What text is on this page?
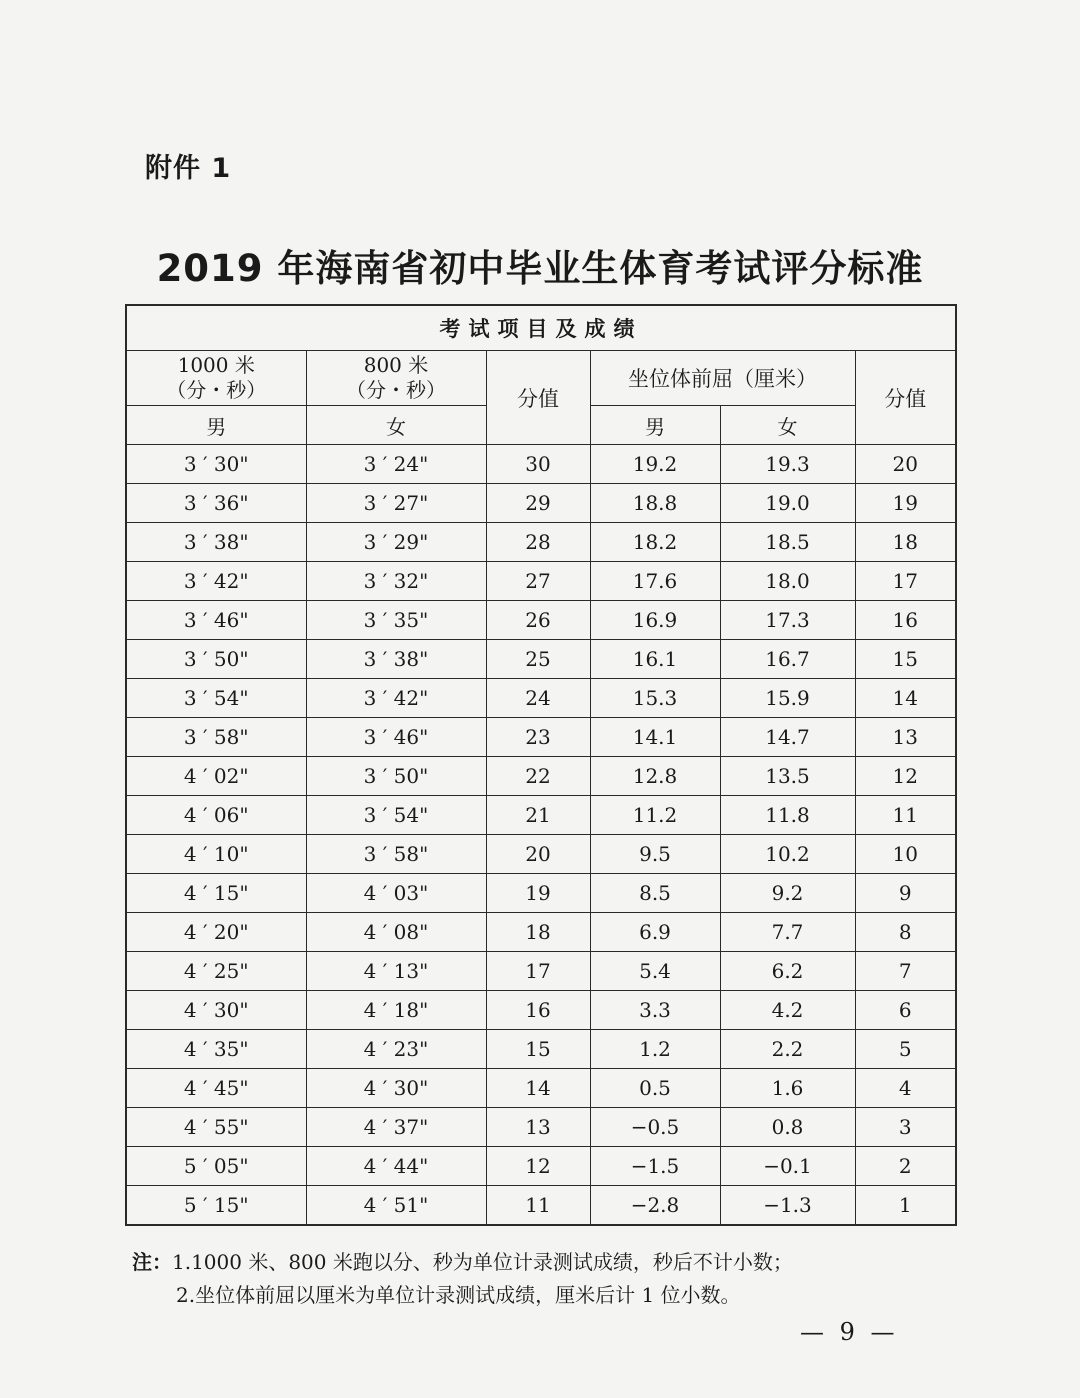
附件 1
2019 年海南省初中毕业生体育考试评分标准
考试项目及成绩					

1000 米
（分・秒）	800 米
（分・秒）	分值	坐位体前屈（厘米）		分值
男	女		男	女	
3 ′ 30"	3 ′ 24"	30	19.2	19.3	20
3 ′ 36"	3 ′ 27"	29	18.8	19.0	19
3 ′ 38"	3 ′ 29"	28	18.2	18.5	18
3 ′ 42"	3 ′ 32"	27	17.6	18.0	17
3 ′ 46"	3 ′ 35"	26	16.9	17.3	16
3 ′ 50"	3 ′ 38"	25	16.1	16.7	15
3 ′ 54"	3 ′ 42"	24	15.3	15.9	14
3 ′ 58"	3 ′ 46"	23	14.1	14.7	13
4 ′ 02"	3 ′ 50"	22	12.8	13.5	12
4 ′ 06"	3 ′ 54"	21	11.2	11.8	11
4 ′ 10"	3 ′ 58"	20	9.5	10.2	10
4 ′ 15"	4 ′ 03"	19	8.5	9.2	9
4 ′ 20"	4 ′ 08"	18	6.9	7.7	8
4 ′ 25"	4 ′ 13"	17	5.4	6.2	7
4 ′ 30"	4 ′ 18"	16	3.3	4.2	6
4 ′ 35"	4 ′ 23"	15	1.2	2.2	5
4 ′ 45"	4 ′ 30"	14	0.5	1.6	4
4 ′ 55"	4 ′ 37"	13	−0.5	0.8	3
5 ′ 05"	4 ′ 44"	12	−1.5	−0.1	2
5 ′ 15"	4 ′ 51"	11	−2.8	−1.3	1
注：1.1000 米、800 米跑以分、秒为单位计录测试成绩，秒后不计小数；
2.坐位体前屈以厘米为单位计录测试成绩，厘米后计 1 位小数。
— 9 —
